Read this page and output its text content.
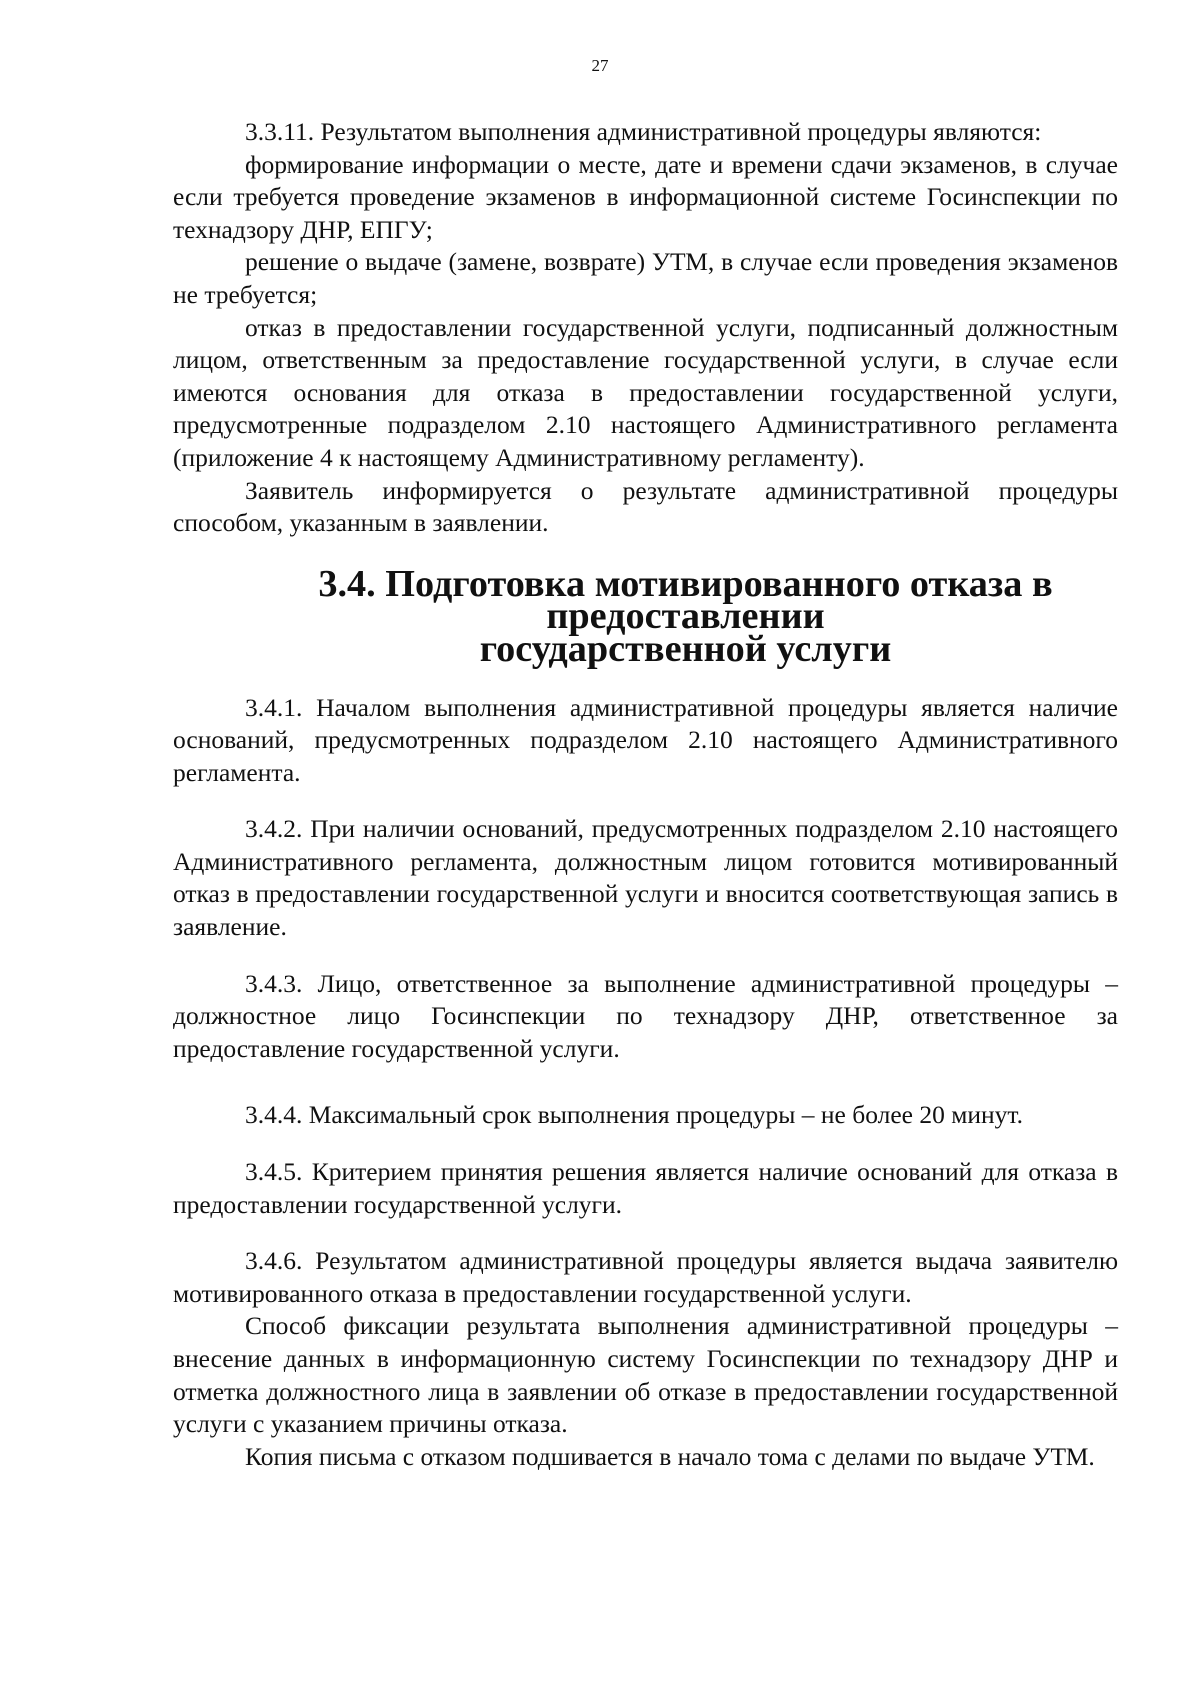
27

3.3.11. Результатом выполнения административной процедуры являются:

формирование информации о месте, дате и времени сдачи экзаменов, в случае если требуется проведение экзаменов в информационной системе Госинспекции по технадзору ДНР, ЕПГУ;

решение о выдаче (замене, возврате) УТМ, в случае если проведения экзаменов не требуется;

отказ в предоставлении государственной услуги, подписанный должностным лицом, ответственным за предоставление государственной услуги, в случае если имеются основания для отказа в предоставлении государственной услуги, предусмотренные подразделом 2.10 настоящего Административного регламента (приложение 4 к настоящему Административному регламенту).

Заявитель информируется о результате административной процедуры способом, указанным в заявлении.

3.4. Подготовка мотивированного отказа в предоставлении
государственной услуги

3.4.1. Началом выполнения административной процедуры является наличие оснований, предусмотренных подразделом 2.10 настоящего Административного регламента.

3.4.2. При наличии оснований, предусмотренных подразделом 2.10 настоящего Административного регламента, должностным лицом готовится мотивированный отказ в предоставлении государственной услуги и вносится соответствующая запись в заявление.

3.4.3. Лицо, ответственное за выполнение административной процедуры – должностное лицо Госинспекции по технадзору ДНР, ответственное за предоставление государственной услуги.

3.4.4. Максимальный срок выполнения процедуры – не более 20 минут.

3.4.5. Критерием принятия решения является наличие оснований для отказа в предоставлении государственной услуги.

3.4.6. Результатом административной процедуры является выдача заявителю мотивированного отказа в предоставлении государственной услуги.

Способ фиксации результата выполнения административной процедуры – внесение данных в информационную систему Госинспекции по технадзору ДНР и отметка должностного лица в заявлении об отказе в предоставлении государственной услуги с указанием причины отказа.

Копия письма с отказом подшивается в начало тома с делами по выдаче УТМ.
